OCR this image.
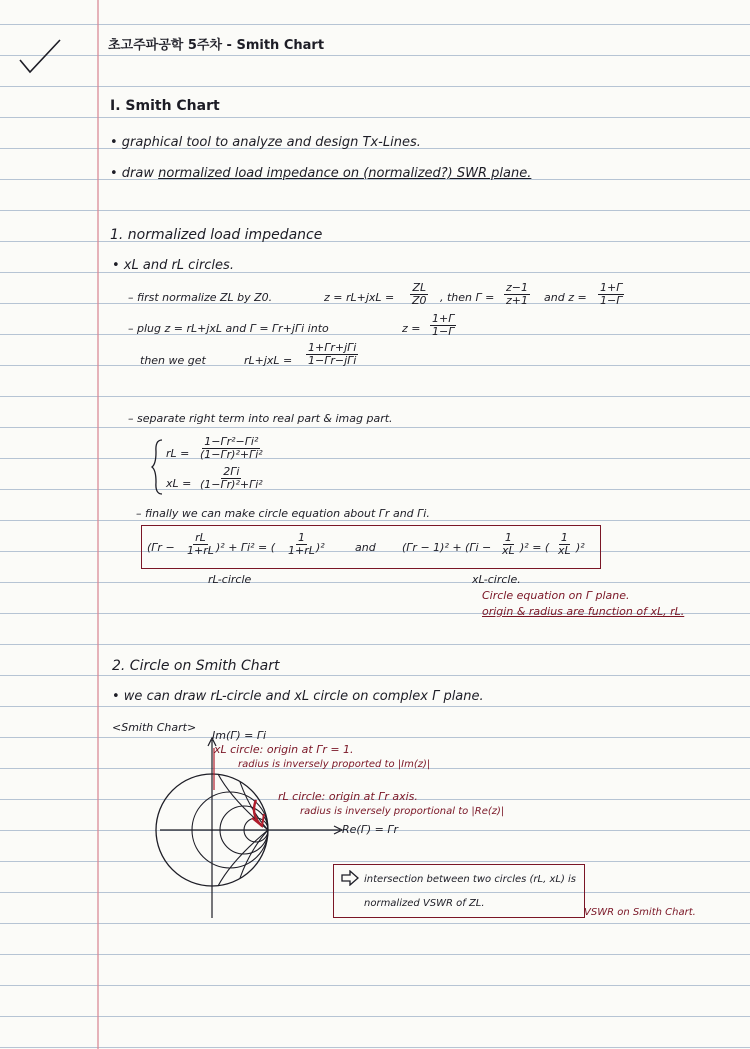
초고주파공학 5주차 - Smith Chart
I. Smith Chart
• graphical tool to analyze and design Tx-Lines.
• draw normalized load impedance on (normalized?) SWR plane.
1. normalized load impedance
• xL and rL circles.
– first normalize ZL by Z0.	$z = rL+jxL = \frac{ZL}{Z0}$ , then $\Gamma = \frac{z-1}{z+1}$ and $z = \frac{1+\Gamma}{1-\Gamma}$
– plug z = rL+jxL and Γ = Γr+jΓi into	$z = \frac{1+\Gamma}{1-\Gamma}$
then we get	rL+jxL =
1+Γr+jΓi
1−Γr−jΓi
– separate right term into real part & imag part.
rL = $\frac{\text{1−Γr²−Γi²}}{\text{(1−Γr)²+Γi²}}$
xL = $\frac{2\Gamma i}{\text{(1−Γr)²+Γi²}}$
– finally we can make circle equation about Γr and Γi.
$(\Gamma r - \frac{rL}{1+rL} )^2 + \Gamma i^2$ = ( $\frac{1}{1+rL} )^2$	and $(\Gamma r - 1)^2 + (\Gamma i - \frac{1}{xL} )^2$ = ( $\frac{1}{xL} )^2$
rL-circle	xL-circle.
Circle equation on Γ plane.
origin & radius are function of xL, rL.
2. Circle on Smith Chart
• we can draw rL-circle and xL circle on complex Γ plane.
<Smith Chart>
Im(Γ) = Γi
Re(Γ) = Γr
xL circle: origin at Γr = 1.
radius is inversely proported to |Im(z)|
rL circle: origin at Γr axis.
radius is inversely proportional to |Re(z)|
intersection between two circles (rL, xL) is
normalized VSWR of ZL.
VSWR on Smith Chart.
